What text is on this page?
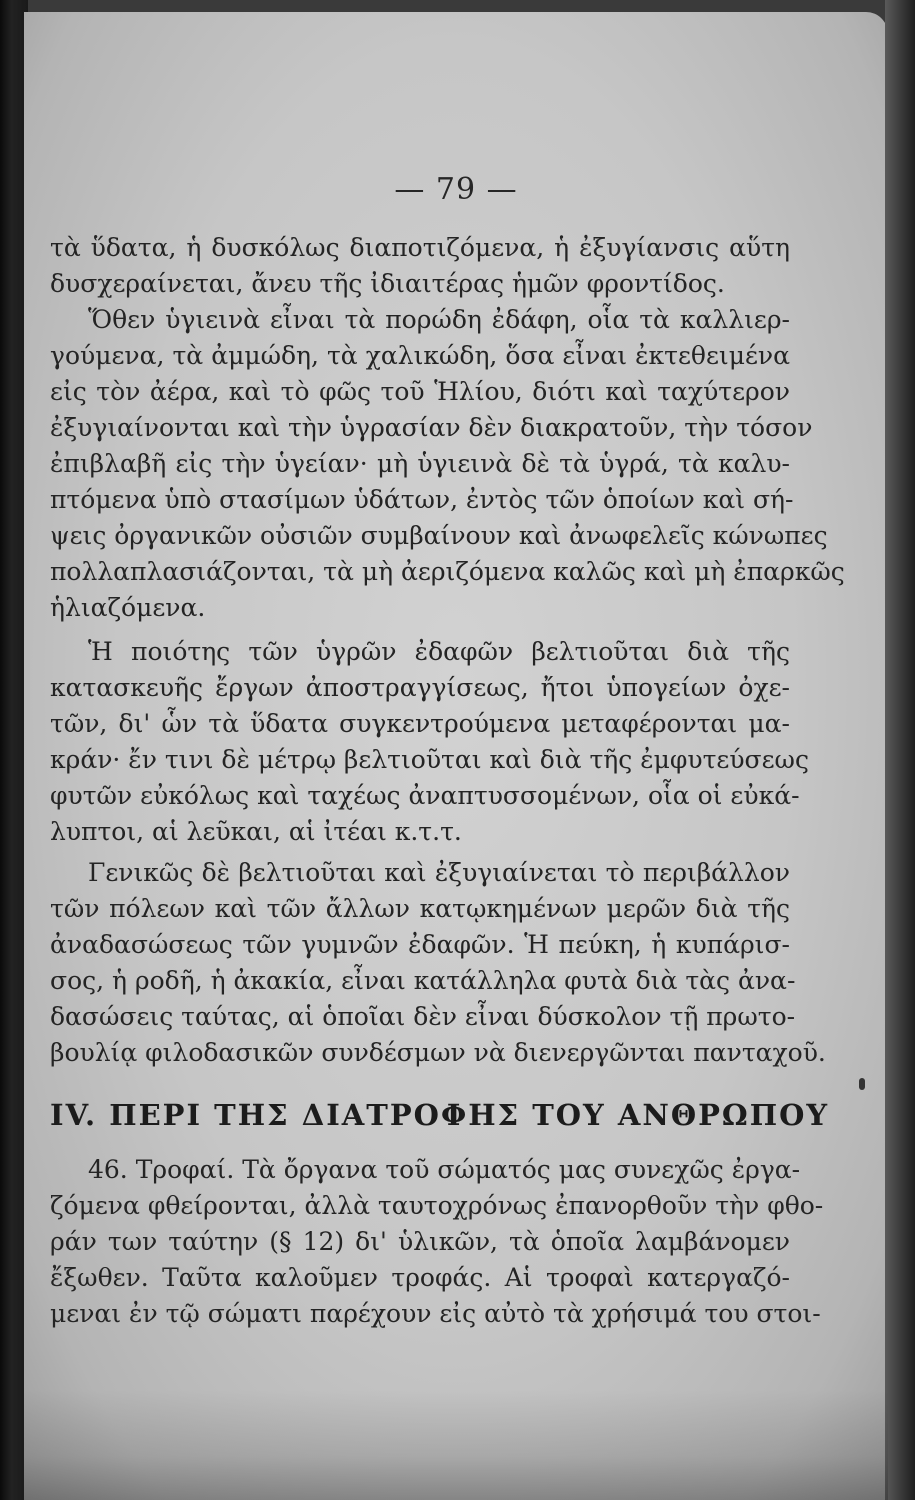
— 79 —
τὰ ὕδατα, ἡ δυσκόλως διαποτιζόμενα, ἡ ἐξυγίανσις αὕτη
δυσχεραίνεται, ἄνευ τῆς ἰδιαιτέρας ἡμῶν φροντίδος.
Ὅθεν ὑγιεινὰ εἶναι τὰ πορώδη ἐδάφη, οἷα τὰ καλλιερ-
γούμενα, τὰ ἀμμώδη, τὰ χαλικώδη, ὅσα εἶναι ἐκτεθειμένα
εἰς τὸν ἀέρα, καὶ τὸ φῶς τοῦ Ἡλίου, διότι καὶ ταχύτερον
ἐξυγιαίνονται καὶ τὴν ὑγρασίαν δὲν διακρατοῦν, τὴν τόσον
ἐπιβλαβῆ εἰς τὴν ὑγείαν· μὴ ὑγιεινὰ δὲ τὰ ὑγρά, τὰ καλυ-
πτόμενα ὑπὸ στασίμων ὑδάτων, ἐντὸς τῶν ὁποίων καὶ σή-
ψεις ὀργανικῶν οὐσιῶν συμβαίνουν καὶ ἀνωφελεῖς κώνωπες
πολλαπλασιάζονται, τὰ μὴ ἀεριζόμενα καλῶς καὶ μὴ ἐπαρκῶς
ἡλιαζόμενα.
Ἡ ποιότης τῶν ὑγρῶν ἐδαφῶν βελτιοῦται διὰ τῆς
κατασκευῆς ἔργων ἀποστραγγίσεως, ἤτοι ὑπογείων ὀχε-
τῶν, δι' ὧν τὰ ὕδατα συγκεντρούμενα μεταφέρονται μα-
κράν· ἔν τινι δὲ μέτρῳ βελτιοῦται καὶ διὰ τῆς ἐμφυτεύσεως
φυτῶν εὐκόλως καὶ ταχέως ἀναπτυσσομένων, οἷα οἱ εὐκά-
λυπτοι, αἱ λεῦκαι, αἱ ἰτέαι κ.τ.τ.
Γενικῶς δὲ βελτιοῦται καὶ ἐξυγιαίνεται τὸ περιβάλλον
τῶν πόλεων καὶ τῶν ἄλλων κατῳκημένων μερῶν διὰ τῆς
ἀναδασώσεως τῶν γυμνῶν ἐδαφῶν. Ἡ πεύκη, ἡ κυπάρισ-
σος, ἡ ροδῆ, ἡ ἀκακία, εἶναι κατάλληλα φυτὰ διὰ τὰς ἀνα-
δασώσεις ταύτας, αἱ ὁποῖαι δὲν εἶναι δύσκολον τῇ πρωτο-
βουλίᾳ φιλοδασικῶν συνδέσμων νὰ διενεργῶνται πανταχοῦ.
IV. ΠΕΡΙ ΤΗΣ ΔΙΑΤΡΟΦΗΣ ΤΟΥ ΑΝΘΡΩΠΟΥ
46. Τροφαί. Τὰ ὄργανα τοῦ σώματός μας συνεχῶς ἐργα-
ζόμενα φθείρονται, ἀλλὰ ταυτοχρόνως ἐπανορθοῦν τὴν φθο-
ράν των ταύτην (§ 12) δι' ὑλικῶν, τὰ ὁποῖα λαμβάνομεν
ἔξωθεν. Ταῦτα καλοῦμεν τροφάς. Αἱ τροφαὶ κατεργαζό-
μεναι ἐν τῷ σώματι παρέχουν εἰς αὐτὸ τὰ χρήσιμά του στοι-
